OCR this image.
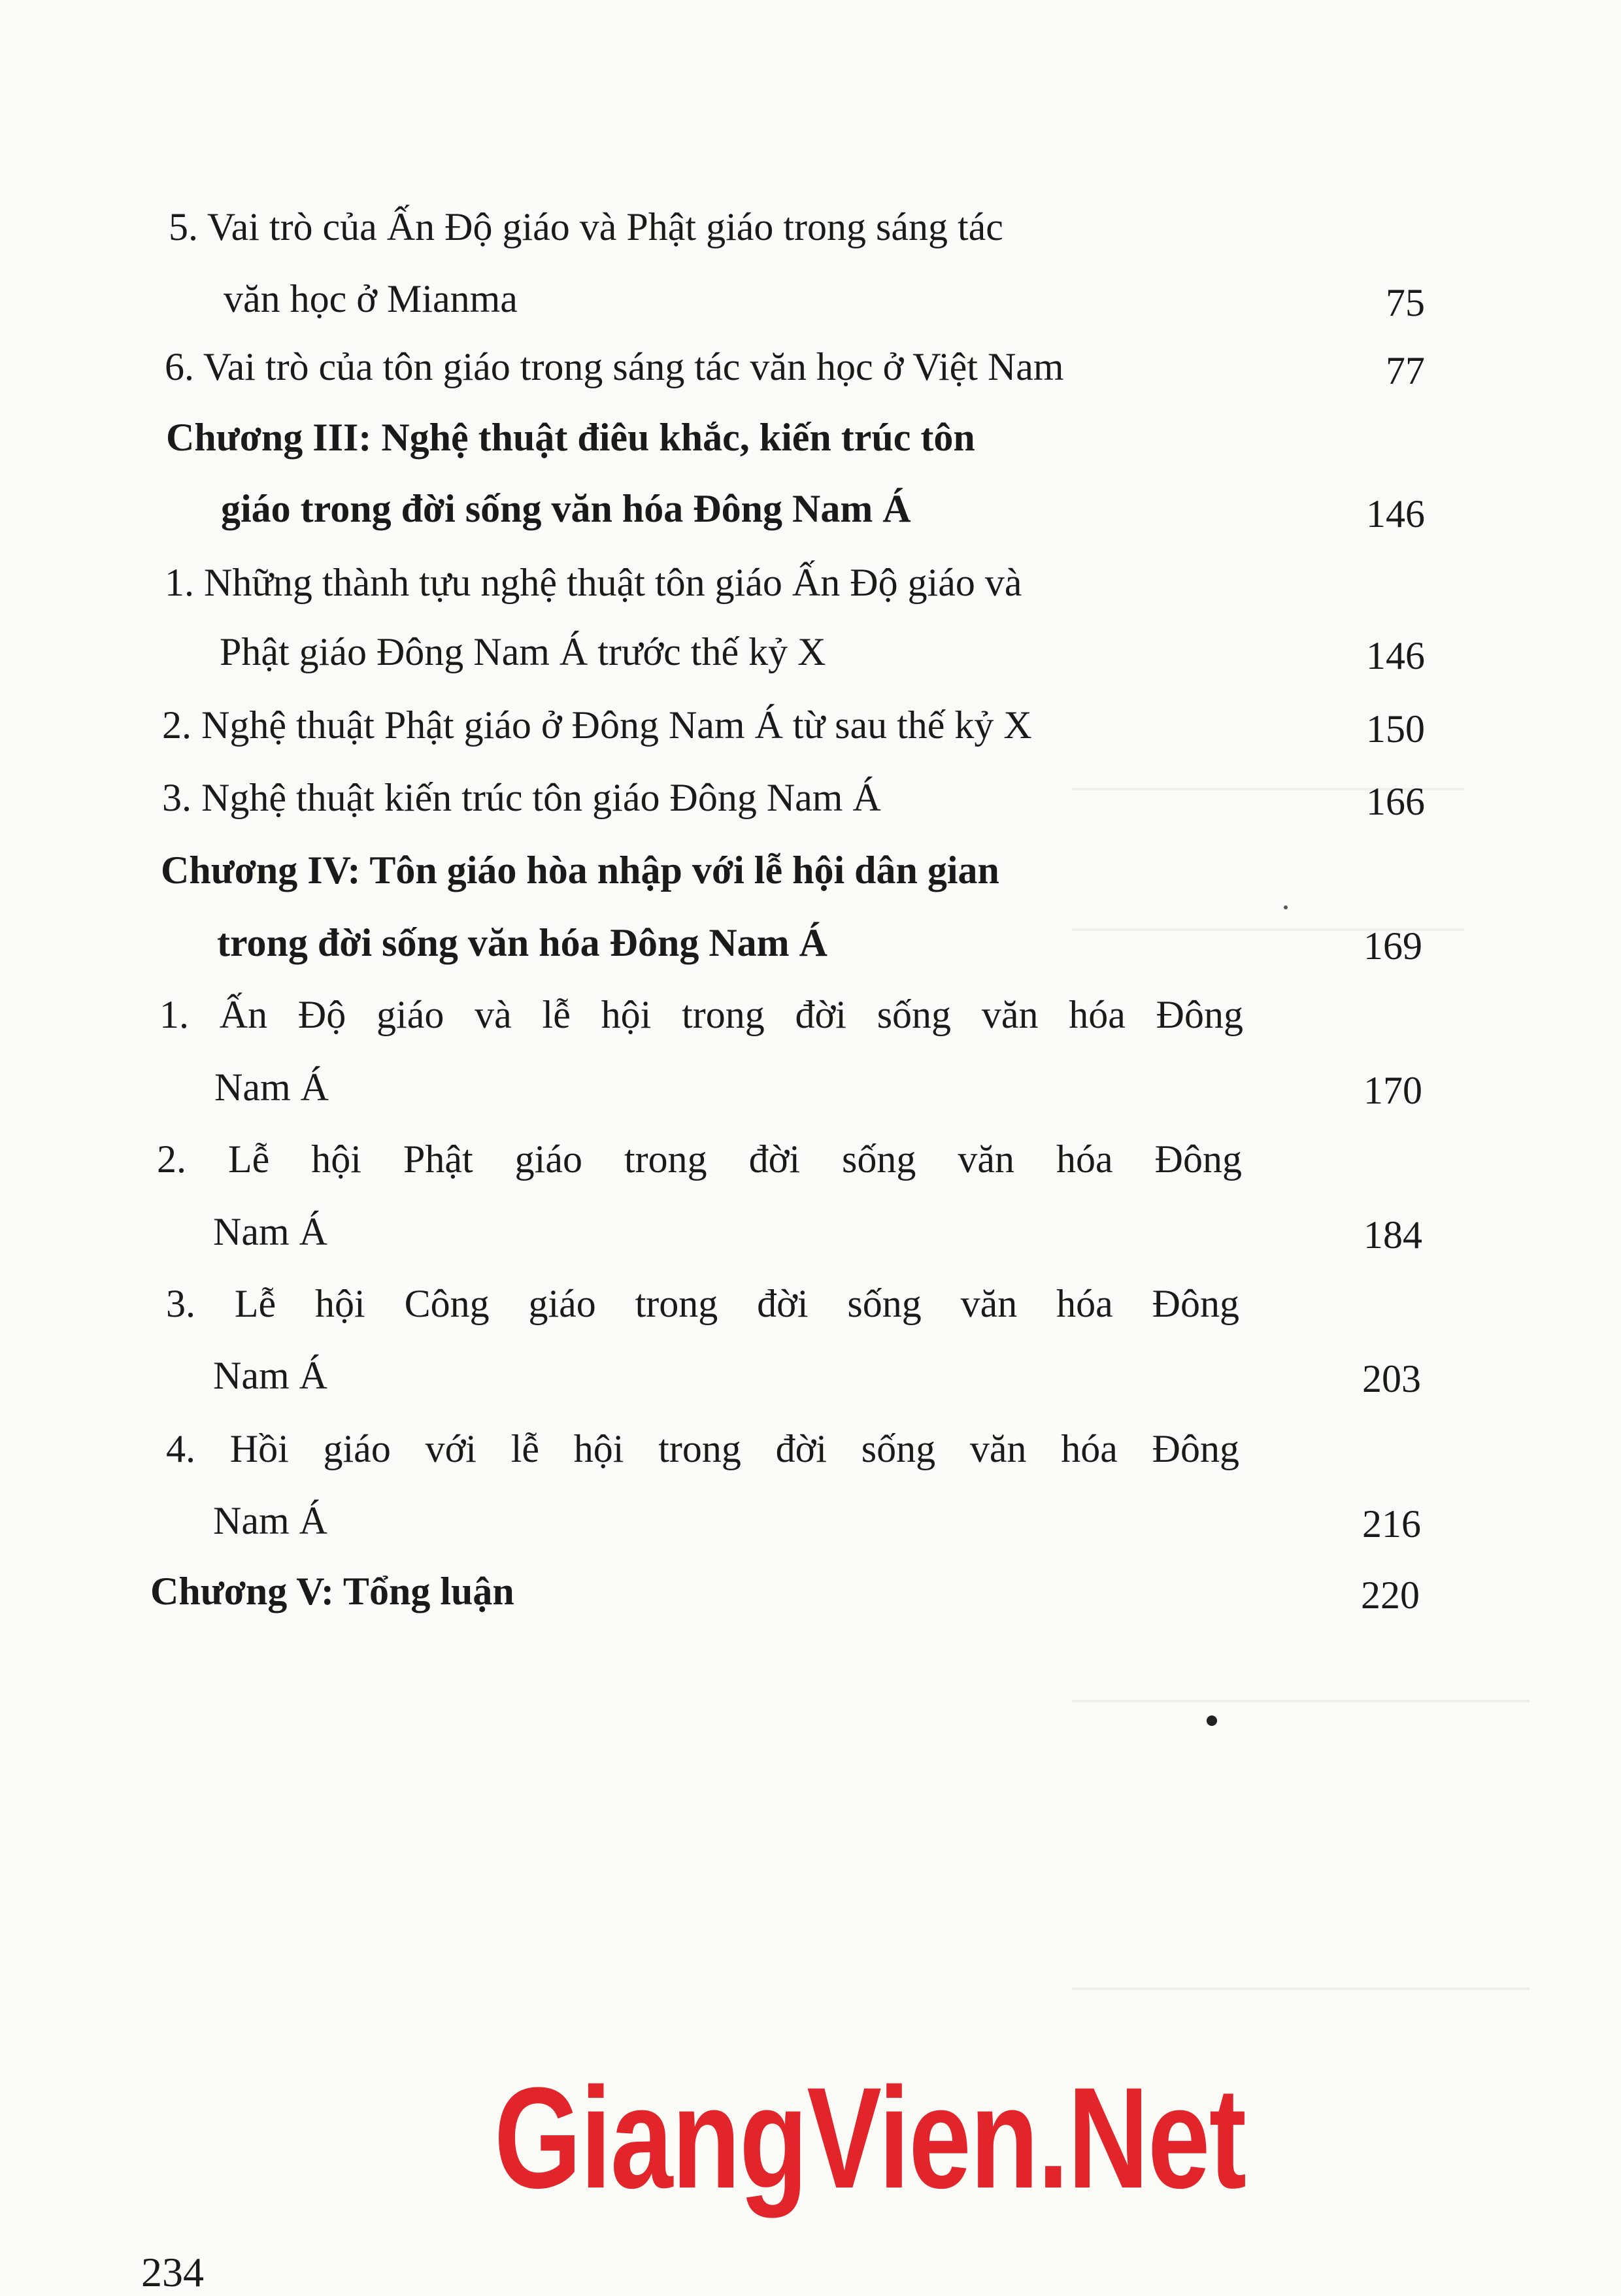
5. Vai trò của Ấn Độ giáo và Phật giáo trong sáng tác
văn học ở Mianma	75
6. Vai trò của tôn giáo trong sáng tác văn học ở Việt Nam	77
Chương III: Nghệ thuật điêu khắc, kiến trúc tôn
giáo trong đời sống văn hóa Đông Nam Á	146
1. Những thành tựu nghệ thuật tôn giáo Ấn Độ giáo và
Phật giáo Đông Nam Á trước thế kỷ X	146
2. Nghệ thuật Phật giáo ở Đông Nam Á từ sau thế kỷ X	150
3. Nghệ thuật kiến trúc tôn giáo Đông Nam Á	166
Chương IV: Tôn giáo hòa nhập với lễ hội dân gian
trong đời sống văn hóa Đông Nam Á	169
1. Ấn Độ giáo và lễ hội trong đời sống văn hóa Đông
Nam Á	170
2. Lễ hội Phật giáo trong đời sống văn hóa Đông
Nam Á	184
3. Lễ hội Công giáo trong đời sống văn hóa Đông
Nam Á	203
4. Hồi giáo với lễ hội trong đời sống văn hóa Đông
Nam Á	216
Chương V: Tổng luận	220
GiangVien.Net
234
